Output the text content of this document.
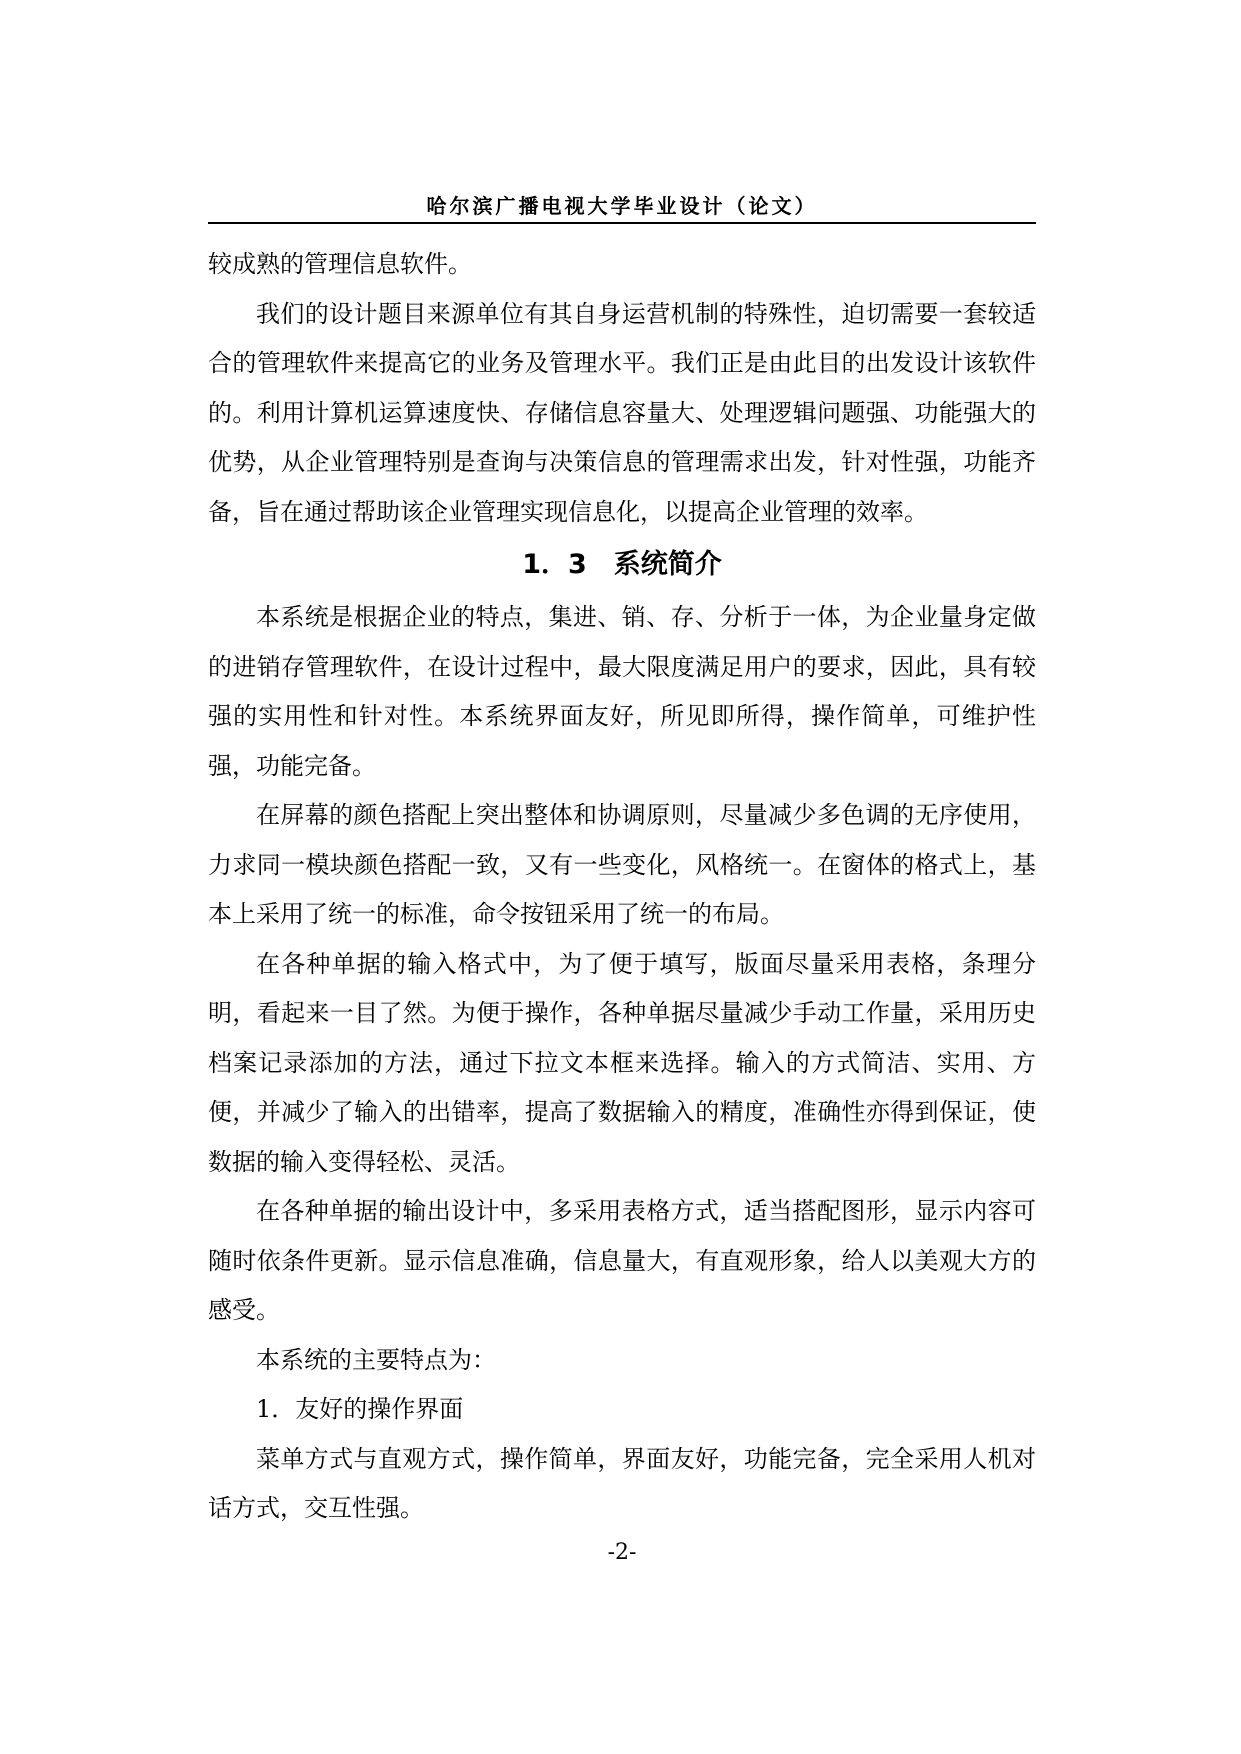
哈尔滨广播电视大学毕业设计（论文）

较成熟的管理信息软件。

我们的设计题目来源单位有其自身运营机制的特殊性，迫切需要一套较适合的管理软件来提高它的业务及管理水平。我们正是由此目的出发设计该软件的。利用计算机运算速度快、存储信息容量大、处理逻辑问题强、功能强大的优势，从企业管理特别是查询与决策信息的管理需求出发，针对性强，功能齐备，旨在通过帮助该企业管理实现信息化，以提高企业管理的效率。

1．3　系统简介

本系统是根据企业的特点，集进、销、存、分析于一体，为企业量身定做的进销存管理软件，在设计过程中，最大限度满足用户的要求，因此，具有较强的实用性和针对性。本系统界面友好，所见即所得，操作简单，可维护性强，功能完备。

在屏幕的颜色搭配上突出整体和协调原则，尽量减少多色调的无序使用，力求同一模块颜色搭配一致，又有一些变化，风格统一。在窗体的格式上，基本上采用了统一的标准，命令按钮采用了统一的布局。

在各种单据的输入格式中，为了便于填写，版面尽量采用表格，条理分明，看起来一目了然。为便于操作，各种单据尽量减少手动工作量，采用历史档案记录添加的方法，通过下拉文本框来选择。输入的方式简洁、实用、方便，并减少了输入的出错率，提高了数据输入的精度，准确性亦得到保证，使数据的输入变得轻松、灵活。

在各种单据的输出设计中，多采用表格方式，适当搭配图形，显示内容可随时依条件更新。显示信息准确，信息量大，有直观形象，给人以美观大方的感受。

本系统的主要特点为：

1．友好的操作界面

菜单方式与直观方式，操作简单，界面友好，功能完备，完全采用人机对话方式，交互性强。

-2-
